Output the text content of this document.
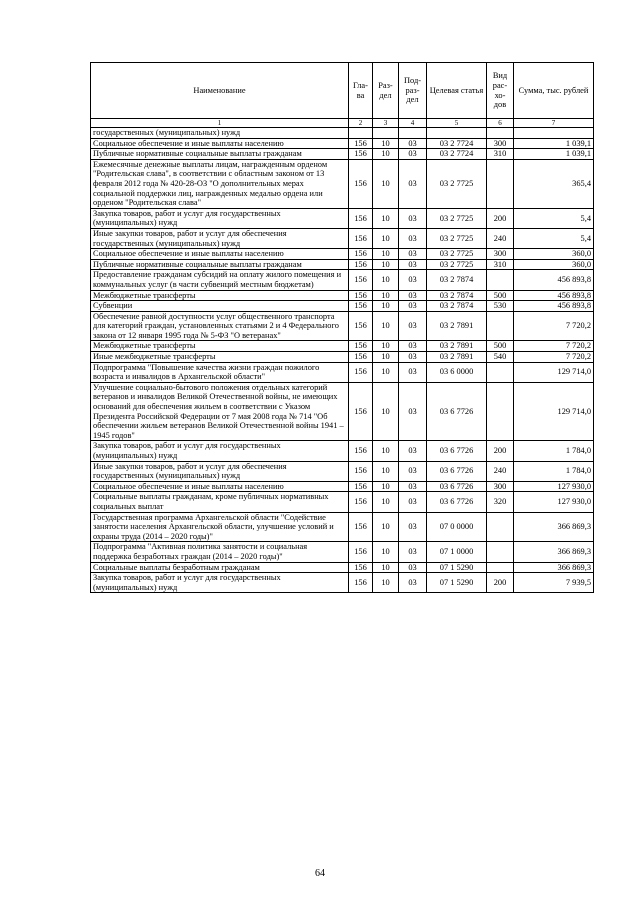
Наименование	Гла-ва	Раз-дел	Под-раз-дел	Целевая статья	Вид рас-хо-дов	Сумма, тыс. рублей
1	2	3	4	5	6	7
государственных (муниципальных) нужд						
Социальное обеспечение и иные выплаты населению	156	10	03	03 2 7724	300	1 039,1
Публичные нормативные социальные выплаты гражданам	156	10	03	03 2 7724	310	1 039,1
Ежемесячные денежные выплаты лицам, награжденным орденом "Родительская слава", в соответствии с областным законом от 13 февраля 2012 года № 420-28-ОЗ "О дополнительных мерах социальной поддержки лиц, награжденных медалью ордена или орденом "Родительская слава"	156	10	03	03 2 7725		365,4
Закупка товаров, работ и услуг для государственных (муниципальных) нужд	156	10	03	03 2 7725	200	5,4
Иные закупки товаров, работ и услуг для обеспечения государственных (муниципальных) нужд	156	10	03	03 2 7725	240	5,4
Социальное обеспечение и иные выплаты населению	156	10	03	03 2 7725	300	360,0
Публичные нормативные социальные выплаты гражданам	156	10	03	03 2 7725	310	360,0
Предоставление гражданам субсидий на оплату жилого помещения и коммунальных услуг (в части субвенций местным бюджетам)	156	10	03	03 2 7874		456 893,8
Межбюджетные трансферты	156	10	03	03 2 7874	500	456 893,8
Субвенции	156	10	03	03 2 7874	530	456 893,8
Обеспечение равной доступности услуг общественного транспорта для категорий граждан, установленных статьями 2 и 4 Федерального закона от 12 января 1995 года № 5-ФЗ "О ветеранах"	156	10	03	03 2 7891		7 720,2
Межбюджетные трансферты	156	10	03	03 2 7891	500	7 720,2
Иные межбюджетные трансферты	156	10	03	03 2 7891	540	7 720,2
Подпрограмма "Повышение качества жизни граждан пожилого возраста и инвалидов в Архангельской области"	156	10	03	03 6 0000		129 714,0
Улучшение социально-бытового положения отдельных категорий ветеранов и инвалидов Великой Отечественной войны, не имеющих оснований для обеспечения жильем в соответствии с Указом Президента Российской Федерации от 7 мая 2008 года № 714 "Об обеспечении жильем ветеранов Великой Отечественной войны 1941 – 1945 годов"	156	10	03	03 6 7726		129 714,0
Закупка товаров, работ и услуг для государственных (муниципальных) нужд	156	10	03	03 6 7726	200	1 784,0
Иные закупки товаров, работ и услуг для обеспечения государственных (муниципальных) нужд	156	10	03	03 6 7726	240	1 784,0
Социальное обеспечение и иные выплаты населению	156	10	03	03 6 7726	300	127 930,0
Социальные выплаты гражданам, кроме публичных нормативных социальных выплат	156	10	03	03 6 7726	320	127 930,0
Государственная программа Архангельской области "Содействие занятости населения Архангельской области, улучшение условий и охраны труда (2014 – 2020 годы)"	156	10	03	07 0 0000		366 869,3
Подпрограмма "Активная политика занятости и социальная поддержка безработных граждан (2014 – 2020 годы)"	156	10	03	07 1 0000		366 869,3
Социальные выплаты безработным гражданам	156	10	03	07 1 5290		366 869,3
Закупка товаров, работ и услуг для государственных (муниципальных) нужд	156	10	03	07 1 5290	200	7 939,5
64
